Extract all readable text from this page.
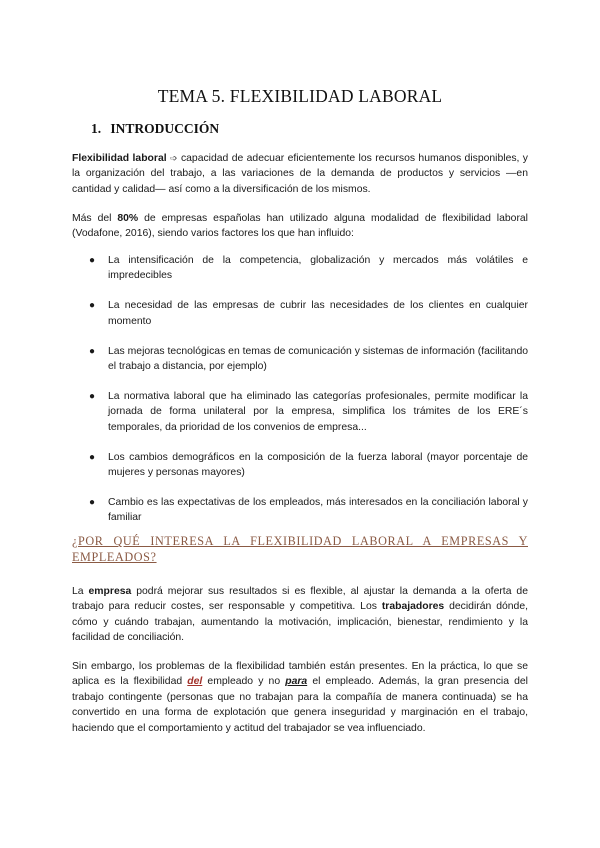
TEMA 5. FLEXIBILIDAD LABORAL
1. INTRODUCCIÓN
Flexibilidad laboral ➩ capacidad de adecuar eficientemente los recursos humanos disponibles, y la organización del trabajo, a las variaciones de la demanda de productos y servicios —en cantidad y calidad— así como a la diversificación de los mismos.
Más del 80% de empresas españolas han utilizado alguna modalidad de flexibilidad laboral (Vodafone, 2016), siendo varios factores los que han influido:
● La intensificación de la competencia, globalización y mercados más volátiles e impredecibles
● La necesidad de las empresas de cubrir las necesidades de los clientes en cualquier momento
● Las mejoras tecnológicas en temas de comunicación y sistemas de información (facilitando el trabajo a distancia, por ejemplo)
● La normativa laboral que ha eliminado las categorías profesionales, permite modificar la jornada de forma unilateral por la empresa, simplifica los trámites de los ERE´s temporales, da prioridad de los convenios de empresa...
● Los cambios demográficos en la composición de la fuerza laboral (mayor porcentaje de mujeres y personas mayores)
● Cambio es las expectativas de los empleados, más interesados en la conciliación laboral y familiar
¿POR QUÉ INTERESA LA FLEXIBILIDAD LABORAL A EMPRESAS Y EMPLEADOS?
La empresa podrá mejorar sus resultados si es flexible, al ajustar la demanda a la oferta de trabajo para reducir costes, ser responsable y competitiva. Los trabajadores decidirán dónde, cómo y cuándo trabajan, aumentando la motivación, implicación, bienestar, rendimiento y la facilidad de conciliación.
Sin embargo, los problemas de la flexibilidad también están presentes. En la práctica, lo que se aplica es la flexibilidad del empleado y no para el empleado. Además, la gran presencia del trabajo contingente (personas que no trabajan para la compañía de manera continuada) se ha convertido en una forma de explotación que genera inseguridad y marginación en el trabajo, haciendo que el comportamiento y actitud del trabajador se vea influenciado.
